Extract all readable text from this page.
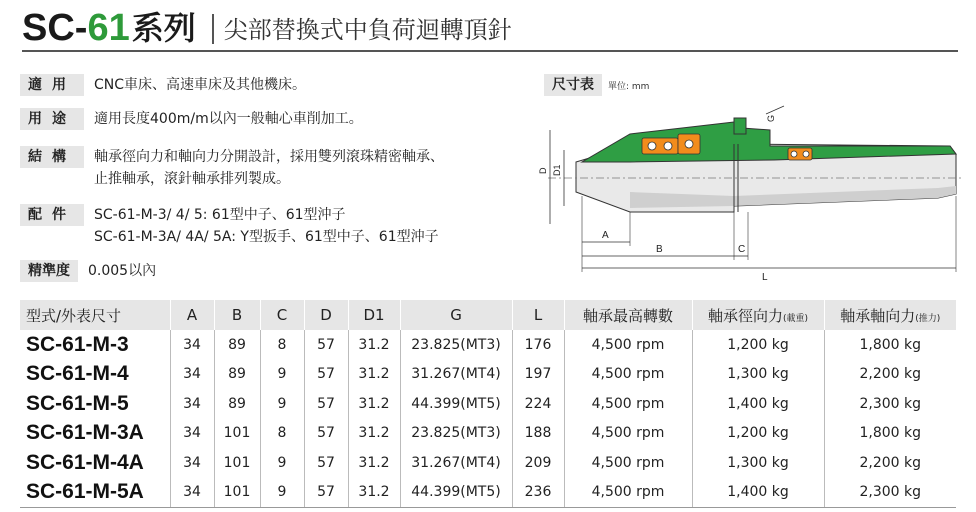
SC- 61 系列 尖部替換式中負荷迴轉頂針
適用	CNC車床、高速車床及其他機床。
用途	適用長度400m/m以內一般軸心車削加工。
結構	軸承徑向力和軸向力分開設計，採用雙列滾珠精密軸承、
止推軸承，滾針軸承排列製成。
配件	SC-61-M-3/ 4/ 5: 61型中子、61型沖子
SC-61-M-3A/ 4A/ 5A: Y型扳手、61型中子、61型沖子
精準度	0.005以內
尺寸表	單位: mm
D D1
G
A
B	C
L
型式/外表尺寸	A	B	C	D	D1	G	L	軸承最高轉數	軸承徑向力(載重)	軸承軸向力(推力)
SC-61-M-3	34	89	8	57	31.2	23.825(MT3)	176	4,500 rpm	1,200 kg	1,800 kg
SC-61-M-4	34	89	9	57	31.2	31.267(MT4)	197	4,500 rpm	1,300 kg	2,200 kg
SC-61-M-5	34	89	9	57	31.2	44.399(MT5)	224	4,500 rpm	1,400 kg	2,300 kg
SC-61-M-3A	34	101	8	57	31.2	23.825(MT3)	188	4,500 rpm	1,200 kg	1,800 kg
SC-61-M-4A	34	101	9	57	31.2	31.267(MT4)	209	4,500 rpm	1,300 kg	2,200 kg
SC-61-M-5A	34	101	9	57	31.2	44.399(MT5)	236	4,500 rpm	1,400 kg	2,300 kg
